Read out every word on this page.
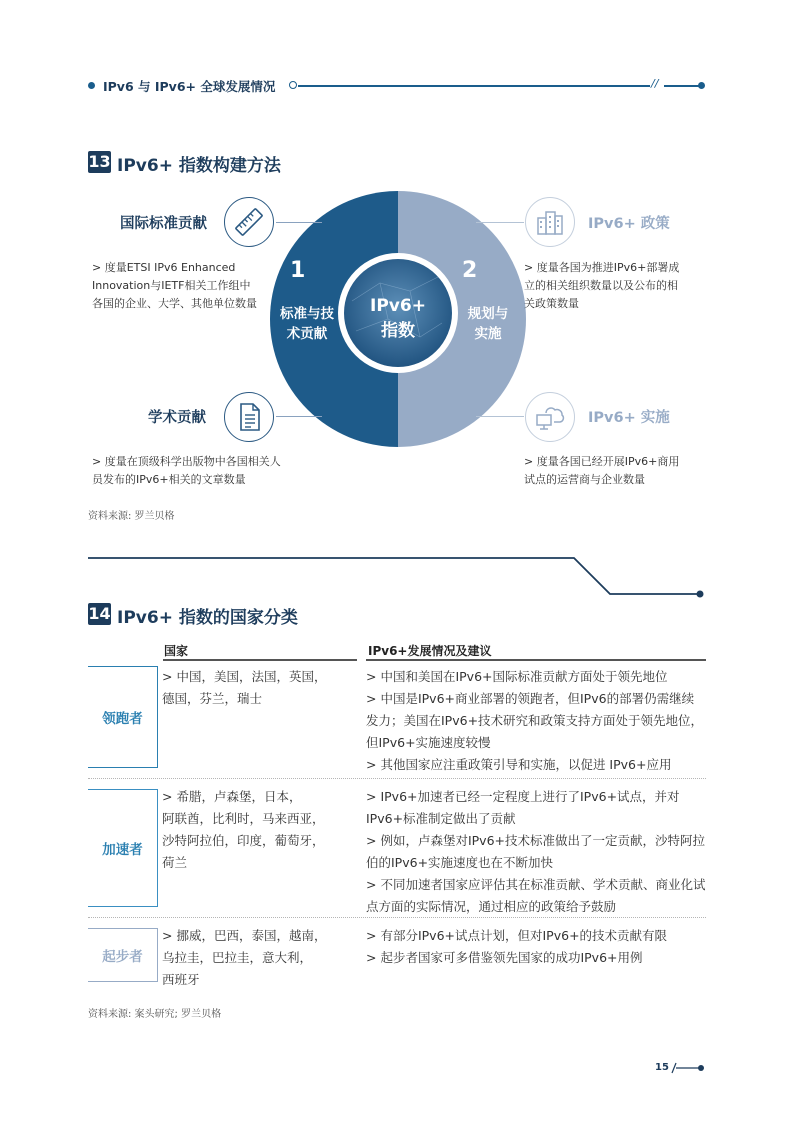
IPv6 与 IPv6+ 全球发展情况	//
13 IPv6+ 指数构建方法
1
标准与技
术贡献
2
规划与
实施
IPv6+
指数
国际标准贡献
> 度量ETSI IPv6 Enhanced Innovation与IETF相关工作组中各国的企业、大学、其他单位数量
学术贡献
> 度量在顶级科学出版物中各国相关人员发布的IPv6+相关的文章数量
IPv6+ 政策
> 度量各国为推进IPv6+部署成立的相关组织数量以及公布的相关政策数量
IPv6+ 实施
> 度量各国已经开展IPv6+商用试点的运营商与企业数量
资料来源: 罗兰贝格
14 IPv6+ 指数的国家分类
国家	IPv6+发展情况及建议
领跑者
> 中国，美国，法国，英国，
德国，芬兰，瑞士

> 中国和美国在IPv6+国际标准贡献方面处于领先地位

> 中国是IPv6+商业部署的领跑者，但IPv6的部署仍需继续发力；美国在IPv6+技术研究和政策支持方面处于领先地位，但IPv6+实施速度较慢

> 其他国家应注重政策引导和实施，以促进 IPv6+应用

加速者
> 希腊，卢森堡，日本，
阿联酋，比利时，马来西亚，
沙特阿拉伯，印度，葡萄牙，
荷兰

> IPv6+加速者已经一定程度上进行了IPv6+试点，并对IPv6+标准制定做出了贡献

> 例如，卢森堡对IPv6+技术标准做出了一定贡献，沙特阿拉伯的IPv6+实施速度也在不断加快

> 不同加速者国家应评估其在标准贡献、学术贡献、商业化试点方面的实际情况，通过相应的政策给予鼓励

起步者
> 挪威，巴西，泰国，越南，
乌拉圭，巴拉圭，意大利，
西班牙

> 有部分IPv6+试点计划，但对IPv6+的技术贡献有限

> 起步者国家可多借鉴领先国家的成功IPv6+用例

资料来源: 案头研究; 罗兰贝格
15
